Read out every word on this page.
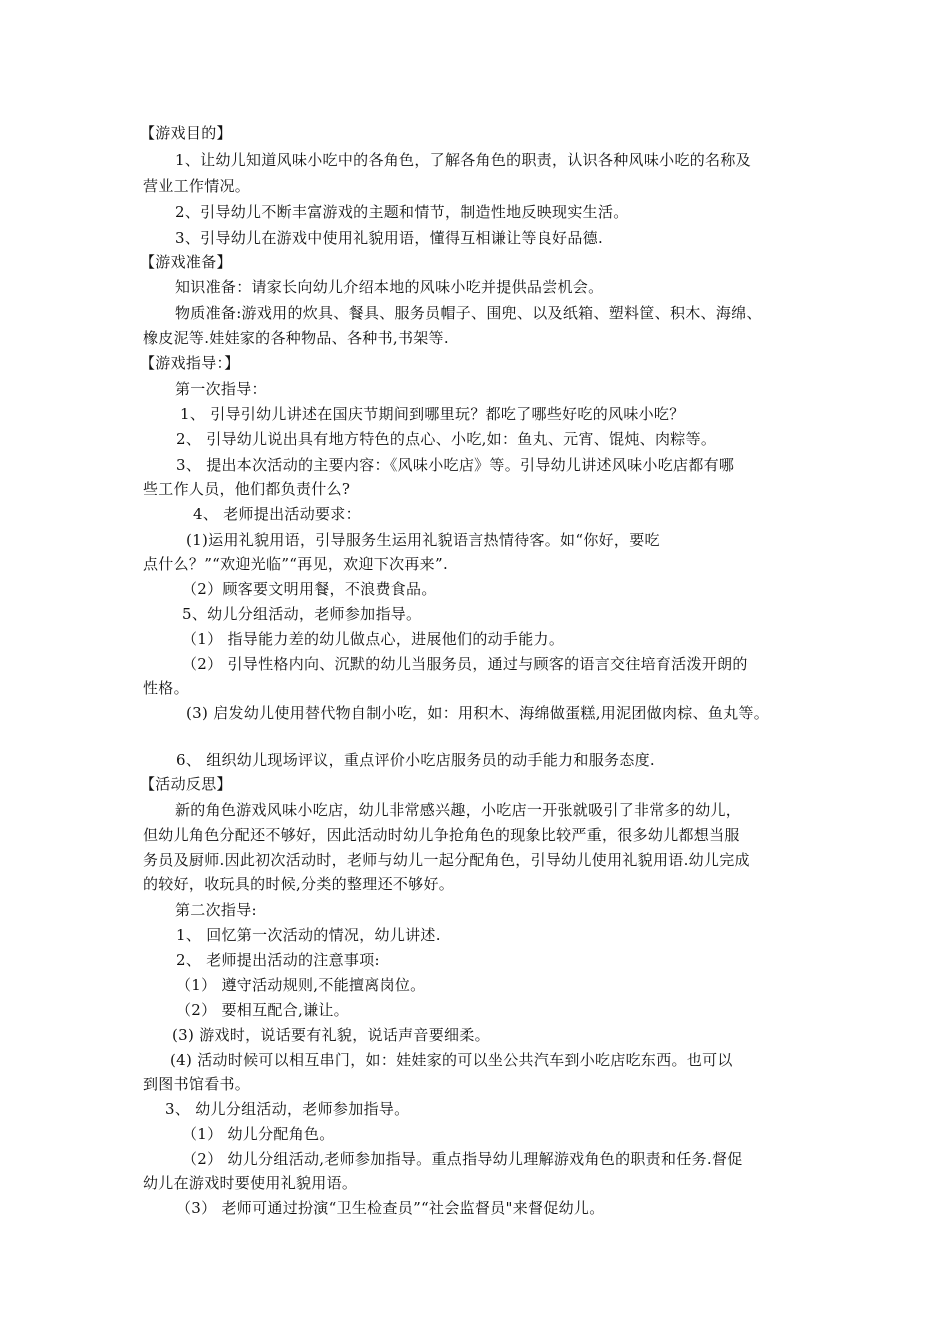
【游戏目的】
1、让幼儿知道风味小吃中的各角色，了解各角色的职责，认识各种风味小吃的名称及
营业工作情况。
2、引导幼儿不断丰富游戏的主题和情节，制造性地反映现实生活。
3、引导幼儿在游戏中使用礼貌用语，懂得互相谦让等良好品德.
【游戏准备】
知识准备：请家长向幼儿介绍本地的风味小吃并提供品尝机会。
物质准备:游戏用的炊具、餐具、服务员帽子、围兜、以及纸箱、塑料筐、积木、海绵、
橡皮泥等.娃娃家的各种物品、各种书,书架等.
【游戏指导：】
第一次指导：
1、 引导引幼儿讲述在国庆节期间到哪里玩？都吃了哪些好吃的风味小吃？
2、 引导幼儿说出具有地方特色的点心、小吃,如：鱼丸、元宵、馄炖、肉粽等。
3、 提出本次活动的主要内容：《风味小吃店》等。引导幼儿讲述风味小吃店都有哪
些工作人员，他们都负责什么?
4、 老师提出活动要求：
(1)运用礼貌用语，引导服务生运用礼貌语言热情待客。如“你好，要吃
点什么？”“欢迎光临”“再见，欢迎下次再来”.
（2）顾客要文明用餐，不浪费食品。
5、幼儿分组活动，老师参加指导。
（1） 指导能力差的幼儿做点心，进展他们的动手能力。
（2） 引导性格内向、沉默的幼儿当服务员，通过与顾客的语言交往培育活泼开朗的
性格。
(3) 启发幼儿使用替代物自制小吃，如：用积木、海绵做蛋糕,用泥团做肉棕、鱼丸等。
6、 组织幼儿现场评议，重点评价小吃店服务员的动手能力和服务态度.
【活动反思】
新的角色游戏风味小吃店，幼儿非常感兴趣，小吃店一开张就吸引了非常多的幼儿，
但幼儿角色分配还不够好，因此活动时幼儿争抢角色的现象比较严重，很多幼儿都想当服
务员及厨师.因此初次活动时，老师与幼儿一起分配角色，引导幼儿使用礼貌用语.幼儿完成
的较好，收玩具的时候,分类的整理还不够好。
第二次指导:
1、 回忆第一次活动的情况，幼儿讲述.
2、 老师提出活动的注意事项:
（1） 遵守活动规则,不能擅离岗位。
（2） 要相互配合,谦让。
(3) 游戏时，说话要有礼貌，说话声音要细柔。
(4) 活动时候可以相互串门，如：娃娃家的可以坐公共汽车到小吃店吃东西。也可以
到图书馆看书。
3、 幼儿分组活动，老师参加指导。
（1） 幼儿分配角色。
（2） 幼儿分组活动,老师参加指导。重点指导幼儿理解游戏角色的职责和任务.督促
幼儿在游戏时要使用礼貌用语。
（3） 老师可通过扮演“卫生检查员”“社会监督员"来督促幼儿。
